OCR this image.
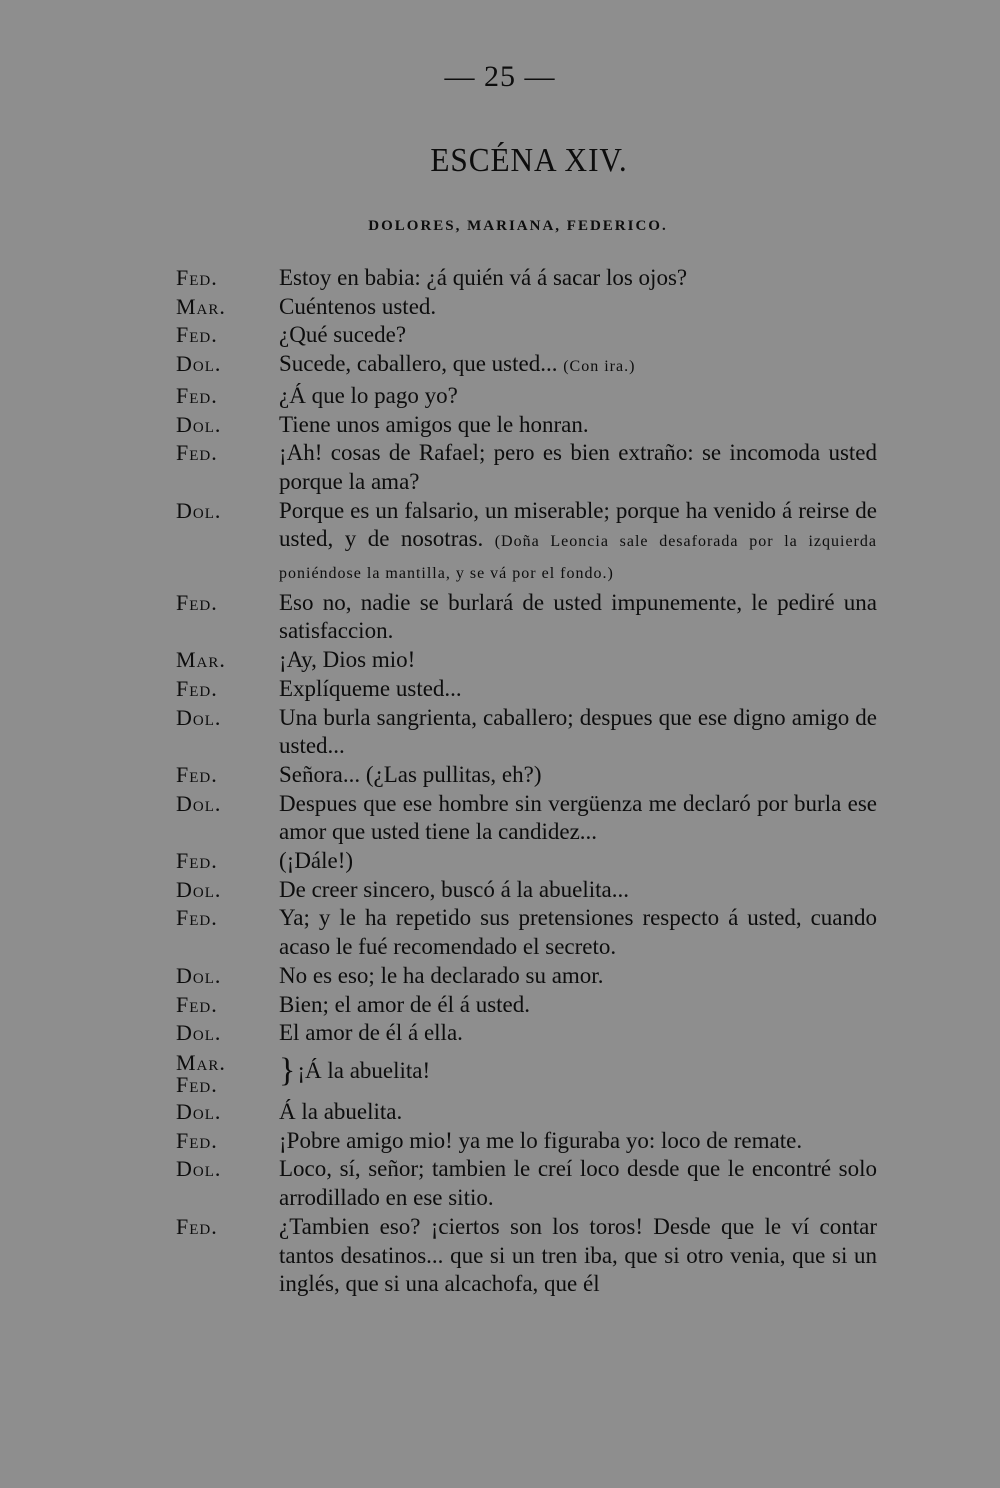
— 25 —
ESCÉNA XIV.
DOLORES, MARIANA, FEDERICO.
Fed.	Estoy en babia: ¿á quién vá á sacar los ojos?
Mar.	Cuéntenos usted.
Fed.	¿Qué sucede?
Dol.	Sucede, caballero, que usted... (Con ira.)
Fed.	¿Á que lo pago yo?
Dol.	Tiene unos amigos que le honran.
Fed.	¡Ah! cosas de Rafael; pero es bien extraño: se incomoda usted porque la ama?
Dol.	Porque es un falsario, un miserable; porque ha venido á reirse de usted, y de nosotras. (Doña Leoncia sale desaforada por la izquierda poniéndose la mantilla, y se vá por el fondo.)
Fed.	Eso no, nadie se burlará de usted impunemente, le pediré una satisfaccion.
Mar.	¡Ay, Dios mio!
Fed.	Explíqueme usted...
Dol.	Una burla sangrienta, caballero; despues que ese digno amigo de usted...
Fed.	Señora... (¿Las pullitas, eh?)
Dol.	Despues que ese hombre sin vergüenza me declaró por burla ese amor que usted tiene la candidez...
Fed.	(¡Dále!)
Dol.	De creer sincero, buscó á la abuelita...
Fed.	Ya; y le ha repetido sus pretensiones respecto á usted, cuando acaso le fué recomendado el secreto.
Dol.	No es eso; le ha declarado su amor.
Fed.	Bien; el amor de él á usted.
Dol.	El amor de él á ella.
Mar.
Fed.	}¡Á la abuelita!
Dol.	Á la abuelita.
Fed.	¡Pobre amigo mio! ya me lo figuraba yo: loco de remate.
Dol.	Loco, sí, señor; tambien le creí loco desde que le encontré solo arrodillado en ese sitio.
Fed.	¿Tambien eso? ¡ciertos son los toros! Desde que le ví contar tantos desatinos... que si un tren iba, que si otro venia, que si un inglés, que si una alcachofa, que él
